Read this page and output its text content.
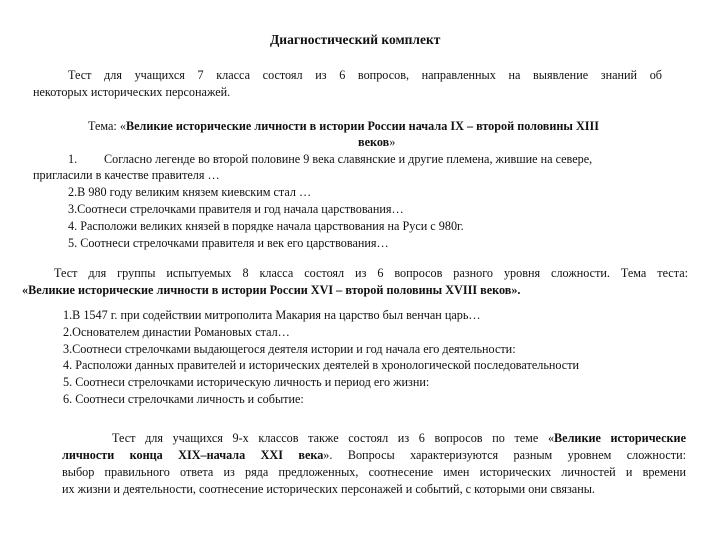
Диагностический комплект
Тест для учащихся 7 класса состоял из 6 вопросов, направленных на выявление знаний об
некоторых исторических персонажей.
Тема: «Великие исторические личности в истории России начала IX – второй половины XIII
веков»
1. Согласно легенде во второй половине 9 века славянские и другие племена, жившие на севере,
пригласили в качестве правителя …
2.В 980 году великим князем киевским стал …
3.Соотнеси стрелочками правителя и год начала царствования…
4. Расположи великих князей в порядке начала царствования на Руси с 980г.
5. Соотнеси стрелочками правителя и век его царствования…
Тест для группы испытуемых 8 класса состоял из 6 вопросов разного уровня сложности. Тема теста:
«Великие исторические личности в истории России XVI – второй половины XVIII веков».
1.В 1547 г. при содействии митрополита Макария на царство был венчан царь…
2.Основателем династии Романовых стал…
3.Соотнеси стрелочками выдающегося деятеля истории и год начала его деятельности:
4. Расположи данных правителей и исторических деятелей в хронологической последовательности
5. Соотнеси стрелочками историческую личность и период его жизни:
6. Соотнеси стрелочками личность и событие:
Тест для учащихся 9-х классов также состоял из 6 вопросов по теме «Великие исторические
личности конца XIX–начала XXI века». Вопросы характеризуются разным уровнем сложности:
выбор правильного ответа из ряда предложенных, соотнесение имен исторических личностей и времени
их жизни и деятельности, соотнесение исторических персонажей и событий, с которыми они связаны.
